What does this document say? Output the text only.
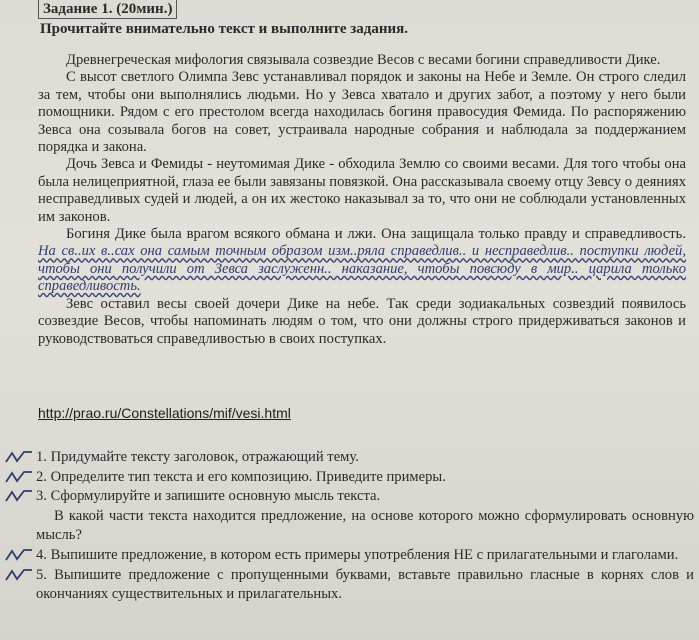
Задание 1. (20мин.)
Прочитайте внимательно текст и выполните задания.

Древнегреческая мифология связывала созвездие Весов с весами богини справедливости Дике.

С высот светлого Олимпа Зевс устанавливал порядок и законы на Небе и Земле. Он строго следил за тем, чтобы они выполнялись людьми. Но у Зевса хватало и других забот, а поэтому у него были помощники. Рядом с его престолом всегда находилась богиня правосудия Фемида. По распоряжению Зевса она созывала богов на совет, устраивала народные собрания и наблюдала за поддержанием порядка и закона.

Дочь Зевса и Фемиды - неутомимая Дике - обходила Землю со своими весами. Для того чтобы она была нелицеприятной, глаза ее были завязаны повязкой. Она рассказывала своему отцу Зевсу о деяниях несправедливых судей и людей, а он их жестоко наказывал за то, что они не соблюдали установленных им законов.

Богиня Дике была врагом всякого обмана и лжи. Она защищала только правду и справедливость. На св..их в..сах она самым точным образом изм..ряла справедлив.. и несправедлив.. поступки людей, чтобы они получили от Зевса заслуженн.. наказание, чтобы повсюду в мир.. царила только справедливость.

Зевс оставил весы своей дочери Дике на небе. Так среди зодиакальных созвездий появилось созвездие Весов, чтобы напоминать людям о том, что они должны строго придерживаться законов и руководствоваться справедливостью в своих поступках.

http://prao.ru/Constellations/mif/vesi.html
1. Придумайте тексту заголовок, отражающий тему.
2. Определите тип текста и его композицию. Приведите примеры.
3. Сформулируйте и запишите основную мысль текста.
В какой части текста находится предложение, на основе которого можно сформулировать основную мысль?
4. Выпишите предложение, в котором есть примеры употребления НЕ с прилагательными и глаголами.
5. Выпишите предложение с пропущенными буквами, вставьте правильно гласные в корнях слов и окончаниях существительных и прилагательных.
